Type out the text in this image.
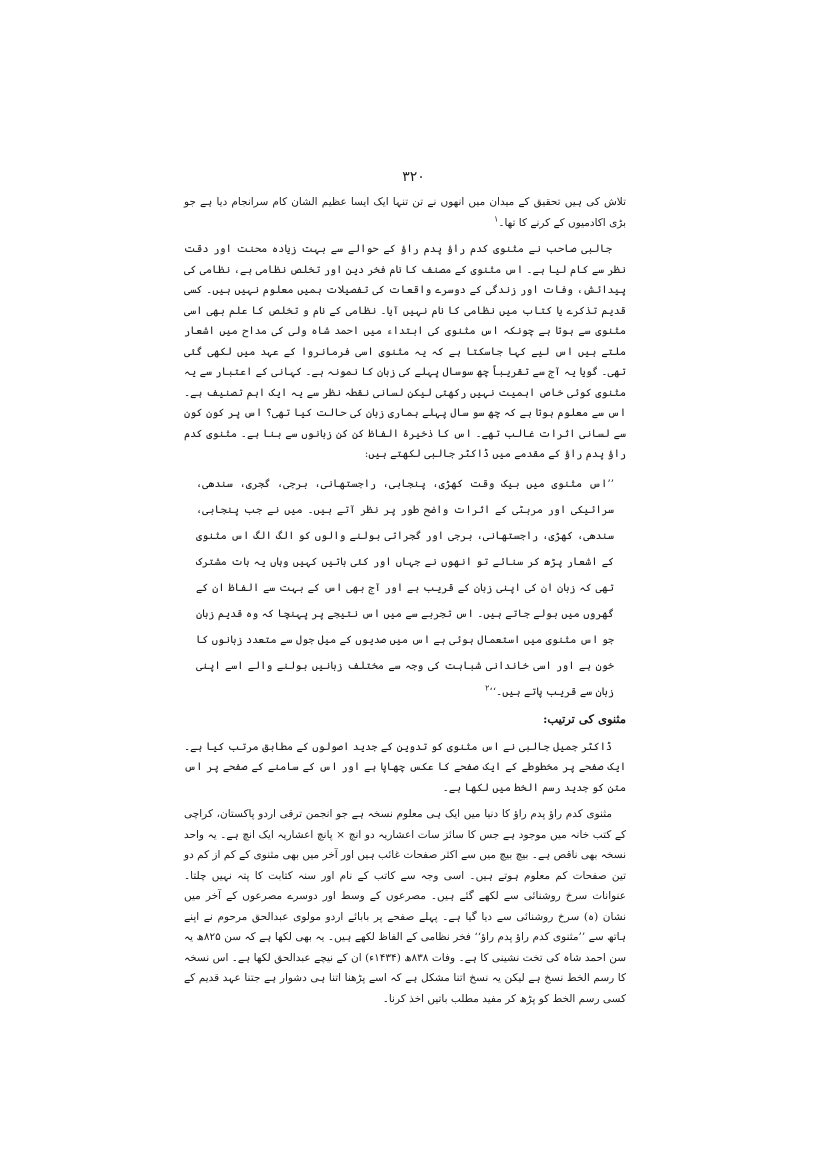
۳۲۰

تلاش کی ہیں تحقیق کے میدان میں انھوں نے تن تنہا ایک ایسا عظیم الشان کام سرانجام دیا ہے جو بڑی اکادمیوں کے کرنے کا تھا۔$^۱$

جالبی صاحب نے مثنوی کدم راؤ پدم راؤ کے حوالے سے بہت زیادہ محنت اور دقت نظر سے کام لیا ہے۔ اس مثنوی کے مصنف کا نام فخر دین اور تخلص نظامی ہے، نظامی کی پیدائش، وفات اور زندگی کے دوسرے واقعات کی تفصیلات ہمیں معلوم نہیں ہیں۔ کسی قدیم تذکرے یا کتاب میں نظامی کا نام نہیں آیا۔ نظامی کے نام و تخلص کا علم بھی اسی مثنوی سے ہوتا ہے چونکہ اس مثنوی کی ابتداء میں احمد شاہ ولی کی مداح میں اشعار ملتے ہیں اس لیے کہا جاسکتا ہے کہ یہ مثنوی اسی فرمانروا کے عہد میں لکھی گئی تھی۔ گویا یہ آج سے تقریباً چھ سوسال پہلے کی زبان کا نمونہ ہے۔ کہانی کے اعتبار سے یہ مثنوی کوئی خاص اہمیت نہیں رکھتی لیکن لسانی نقطہ نظر سے یہ ایک اہم تصنیف ہے۔ اس سے معلوم ہوتا ہے کہ چھ سو سال پہلے ہماری زبان کی حالت کیا تھی؟ اس پر کون کون سے لسانی اثرات غالب تھے۔ اس کا ذخیرۂ الفاظ کن کن زبانوں سے بنا ہے۔ مثنوی کدم راؤ پدم راؤ کے مقدمے میں ڈاکٹر جالبی لکھتے ہیں:

’’اس مثنوی میں بیک وقت کھڑی، پنجابی، راجستھانی، برجی، گجری، سندھی، سرائیکی اور مرہٹی کے اثرات واضح طور پر نظر آتے ہیں۔ میں نے جب پنجابی، سندھی، کھڑی، راجستھانی، برجی اور گجراتی بولنے والوں کو الگ الگ اس مثنوی کے اشعار پڑھ کر سنائے تو انھوں نے جہاں اور کئی باتیں کہیں وہاں یہ بات مشترک تھی کہ زبان ان کی اپنی زبان کے قریب ہے اور آج بھی اس کے بہت سے الفاظ ان کے گھروں میں بولے جاتے ہیں۔ اس تجربے سے میں اس نتیجے پر پہنچا کہ وہ قدیم زبان جو اس مثنوی میں استعمال ہوئی ہے اس میں صدیوں کے میل جول سے متعدد زبانوں کا خون ہے اور اسی خاندانی شباہت کی وجہ سے مختلف زبانیں بولنے والے اسے اپنی زبان سے قریب پاتے ہیں۔‘‘$^۲$

مثنوی کی ترتیب:

ڈاکٹر جمیل جالبی نے اس مثنوی کو تدوین کے جدید اصولوں کے مطابق مرتب کیا ہے۔ ایک صفحے پر مخطوطے کے ایک صفحے کا عکس چھاپا ہے اور اس کے سامنے کے صفحے پر اس متن کو جدید رسم الخط میں لکھا ہے۔

مثنوی کدم راؤ پدم راؤ کا دنیا میں ایک ہی معلوم نسخہ ہے جو انجمن ترقی اردو پاکستان، کراچی کے کتب خانہ میں موجود ہے جس کا سائز سات اعشاریہ دو انچ × پانچ اعشاریہ ایک انچ ہے۔ یہ واحد نسخہ بھی ناقص ہے۔ بیچ بیچ میں سے اکثر صفحات غائب ہیں اور آخر میں بھی مثنوی کے کم از کم دو تین صفحات کم معلوم ہوتے ہیں۔ اسی وجہ سے کاتب کے نام اور سنہ کتابت کا پتہ نہیں چلتا۔ عنوانات سرخ روشنائی سے لکھے گئے ہیں۔ مصرعوں کے وسط اور دوسرے مصرعوں کے آخر میں نشان (ہ) سرخ روشنائی سے دیا گیا ہے۔ پہلے صفحے پر بابائے اردو مولوی عبدالحق مرحوم نے اپنے ہاتھ سے ’’مثنوی کدم راؤ پدم راؤ‘‘ فخر نظامی کے الفاظ لکھے ہیں۔ یہ بھی لکھا ہے کہ سن ۸۲۵ھ یہ سن احمد شاہ کی تخت نشینی کا ہے۔ وفات ۸۳۸ھ (۱۴۳۴ء) ان کے نیچے عبدالحق لکھا ہے۔ اس نسخہ کا رسم الخط نسخ ہے لیکن یہ نسخ اتنا مشکل ہے کہ اسے پڑھنا اتنا ہی دشوار ہے جتنا عہد قدیم کے کسی رسم الخط کو پڑھ کر مفید مطلب باتیں اخذ کرنا۔
